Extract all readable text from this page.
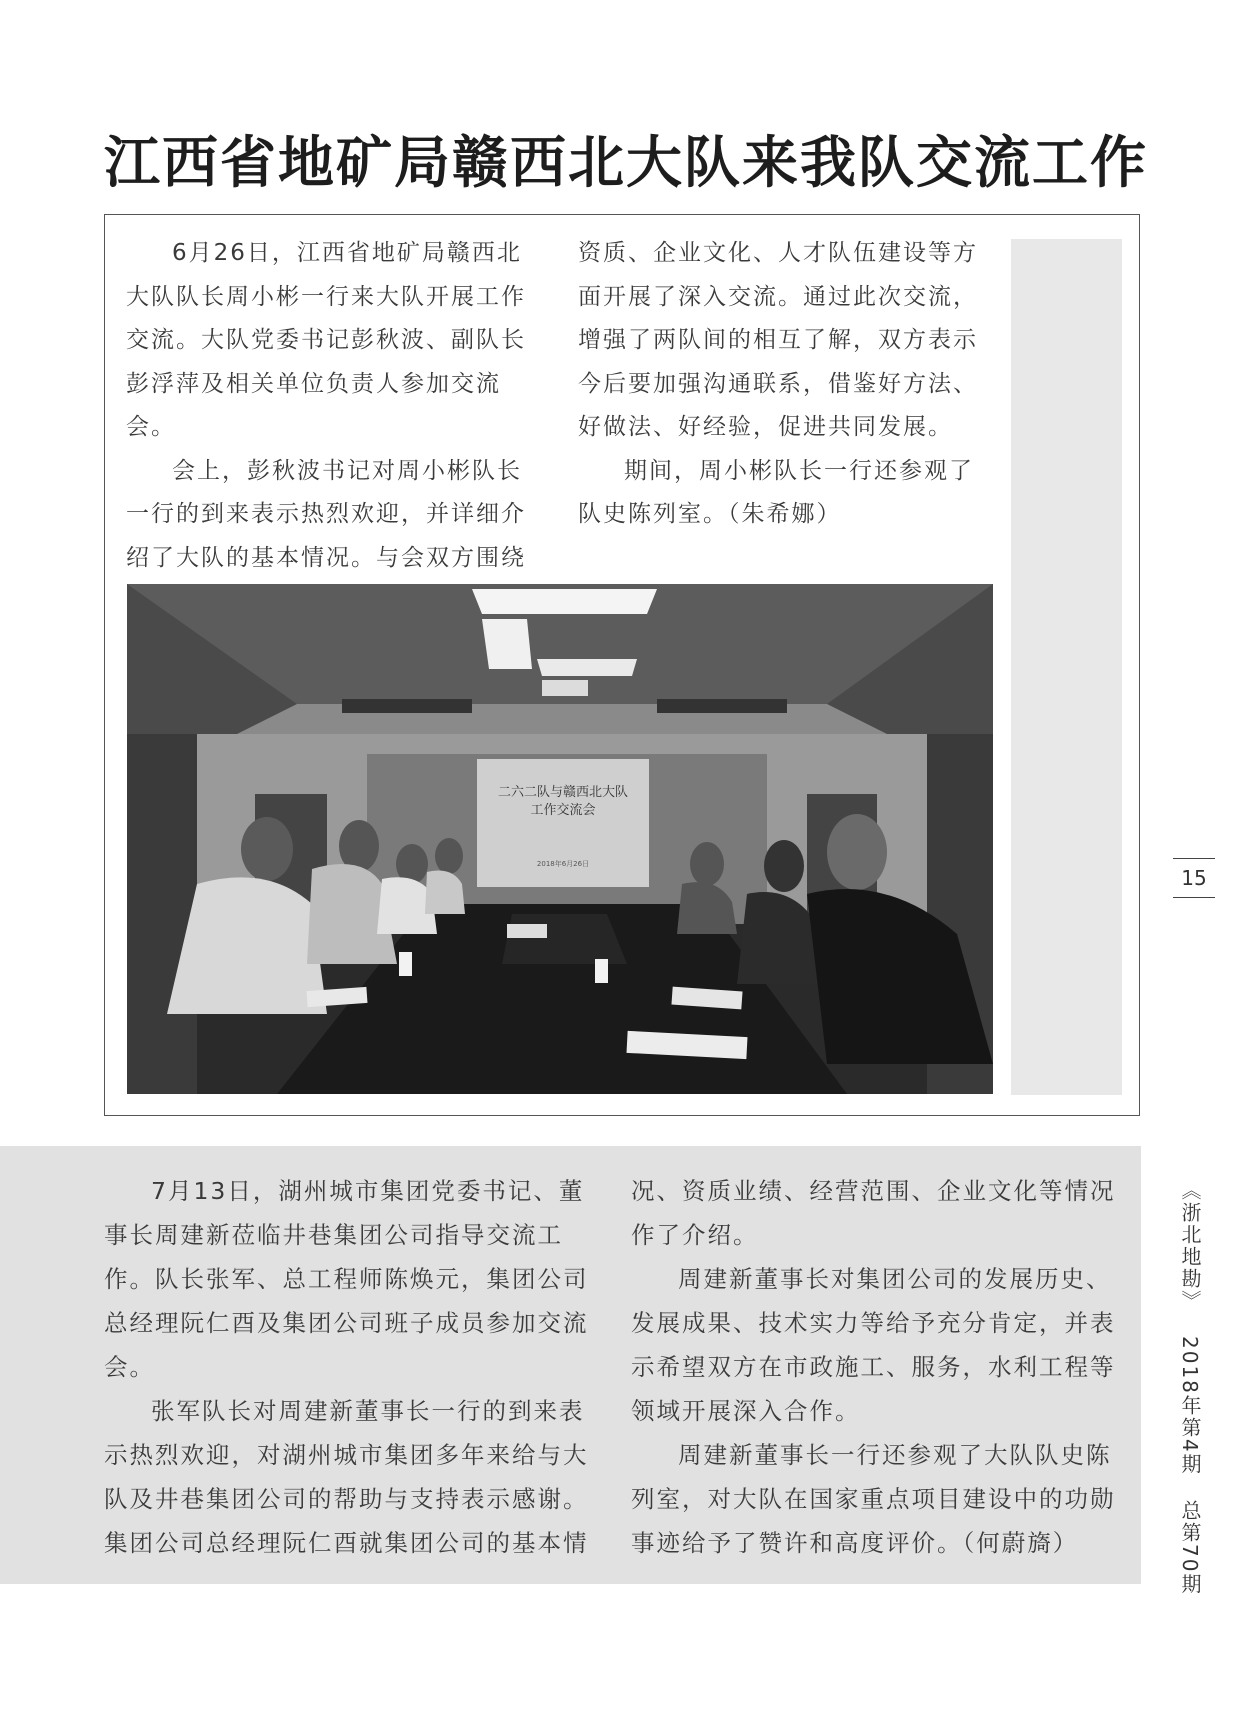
江西省地矿局赣西北大队来我队交流工作

6月26日，江西省地矿局赣西北大队队长周小彬一行来大队开展工作交流。大队党委书记彭秋波、副队长彭浮萍及相关单位负责人参加交流会。

会上，彭秋波书记对周小彬队长一行的到来表示热烈欢迎，并详细介绍了大队的基本情况。与会双方围绕

资质、企业文化、人才队伍建设等方面开展了深入交流。通过此次交流，增强了两队间的相互了解，双方表示今后要加强沟通联系，借鉴好方法、好做法、好经验，促进共同发展。

期间，周小彬队长一行还参观了队史陈列室。（朱希娜）

二六二队与赣西北大队
工作交流会
2018年6月26日

7月13日，湖州城市集团党委书记、董事长周建新莅临井巷集团公司指导交流工作。队长张军、总工程师陈焕元，集团公司总经理阮仁酉及集团公司班子成员参加交流会。

张军队长对周建新董事长一行的到来表示热烈欢迎，对湖州城市集团多年来给与大队及井巷集团公司的帮助与支持表示感谢。集团公司总经理阮仁酉就集团公司的基本情

况、资质业绩、经营范围、企业文化等情况作了介绍。

周建新董事长对集团公司的发展历史、发展成果、技术实力等给予充分肯定，并表示希望双方在市政施工、服务，水利工程等领域开展深入合作。

周建新董事长一行还参观了大队队史陈列室，对大队在国家重点项目建设中的功勋事迹给予了赞许和高度评价。（何蔚旖）

15
《浙北地勘》 2018年第4期 总第70期
